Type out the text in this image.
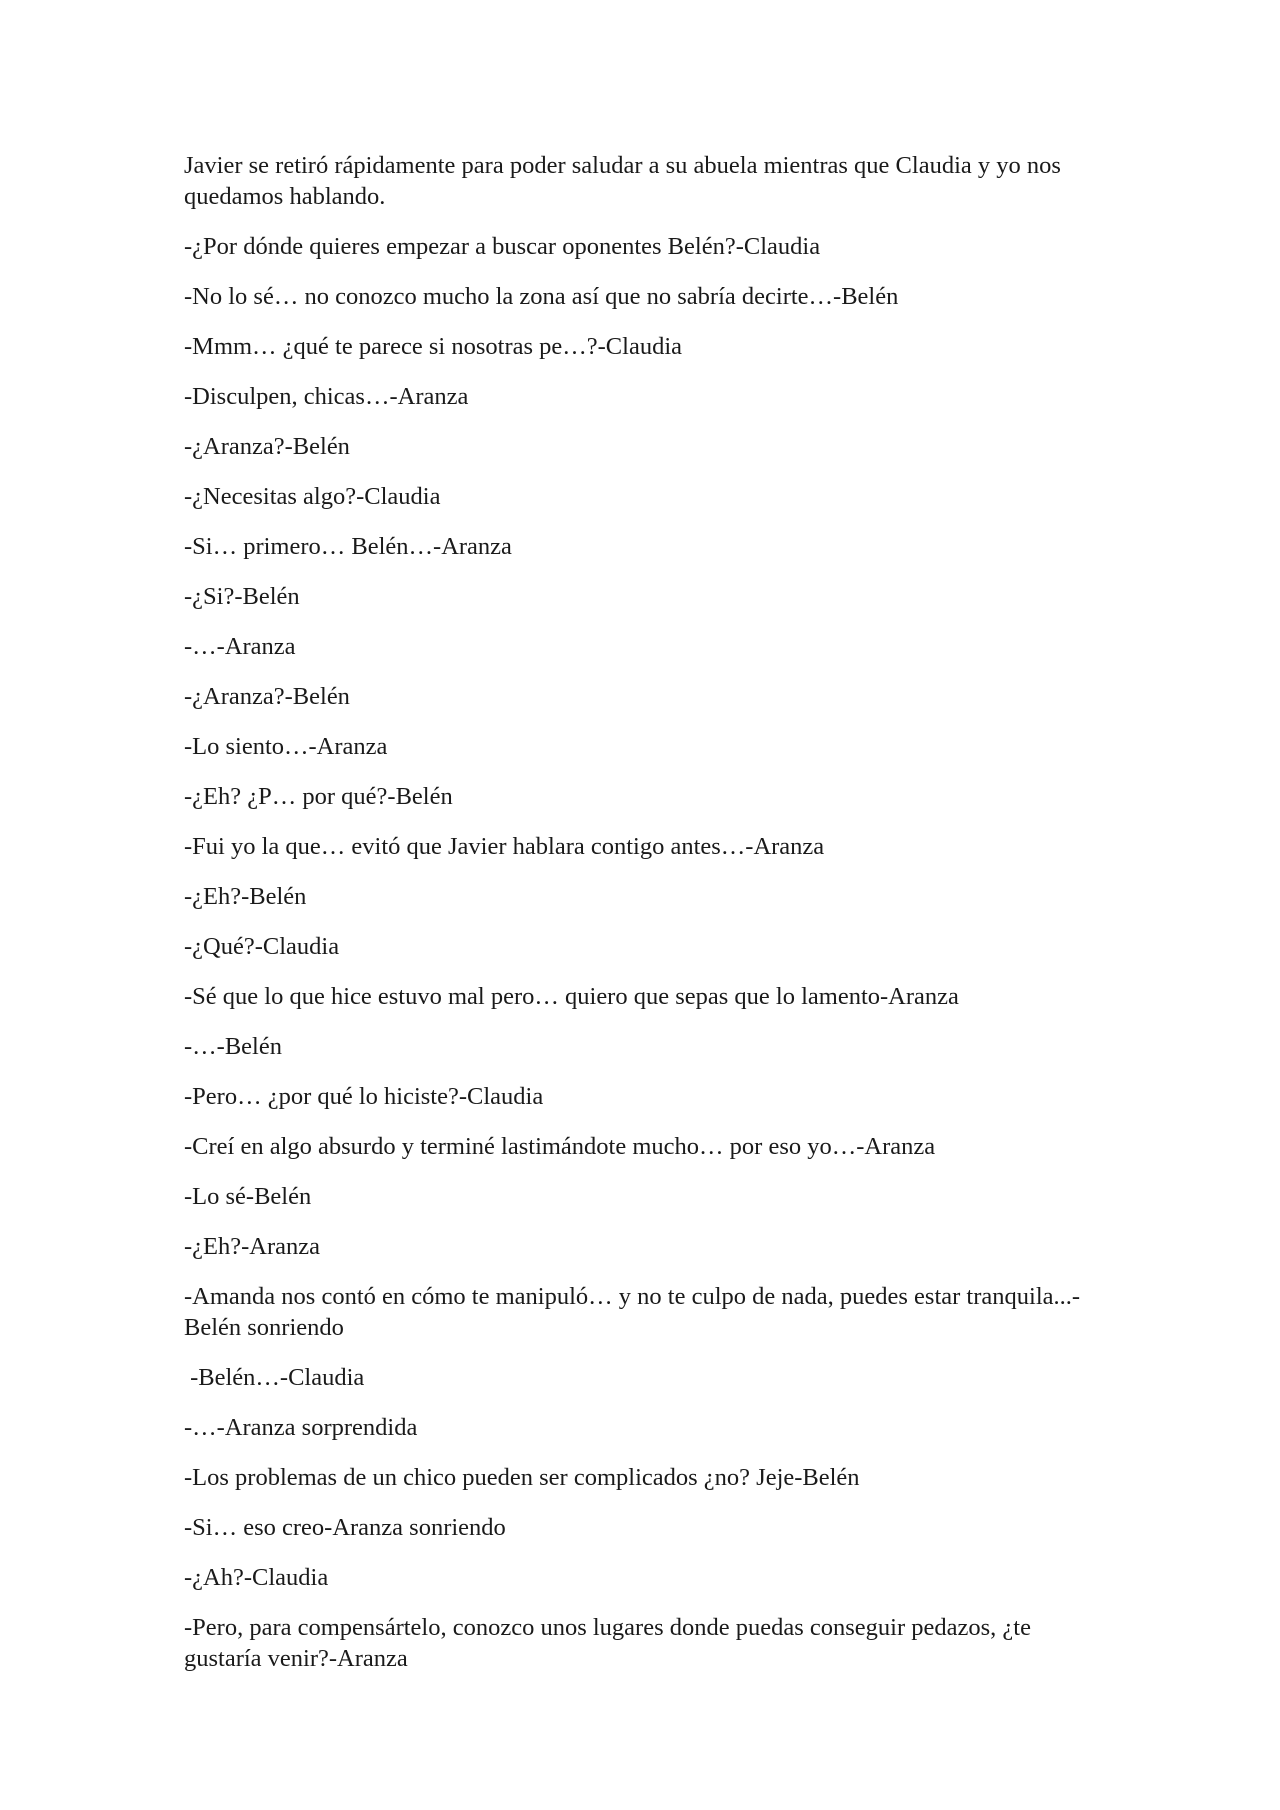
Javier se retiró rápidamente para poder saludar a su abuela mientras que Claudia y yo nos quedamos hablando.

-¿Por dónde quieres empezar a buscar oponentes Belén?-Claudia

-No lo sé… no conozco mucho la zona así que no sabría decirte…-Belén

-Mmm… ¿qué te parece si nosotras pe…?-Claudia

-Disculpen, chicas…-Aranza

-¿Aranza?-Belén

-¿Necesitas algo?-Claudia

-Si… primero… Belén…-Aranza

-¿Si?-Belén

-…-Aranza

-¿Aranza?-Belén

-Lo siento…-Aranza

-¿Eh? ¿P… por qué?-Belén

-Fui yo la que… evitó que Javier hablara contigo antes…-Aranza

-¿Eh?-Belén

-¿Qué?-Claudia

-Sé que lo que hice estuvo mal pero… quiero que sepas que lo lamento-Aranza

-…-Belén

-Pero… ¿por qué lo hiciste?-Claudia

-Creí en algo absurdo y terminé lastimándote mucho… por eso yo…-Aranza

-Lo sé-Belén

-¿Eh?-Aranza

-Amanda nos contó en cómo te manipuló… y no te culpo de nada, puedes estar tranquila...-Belén sonriendo

-Belén…-Claudia

-…-Aranza sorprendida

-Los problemas de un chico pueden ser complicados ¿no? Jeje-Belén

-Si… eso creo-Aranza sonriendo

-¿Ah?-Claudia

-Pero, para compensártelo, conozco unos lugares donde puedas conseguir pedazos, ¿te gustaría venir?-Aranza
